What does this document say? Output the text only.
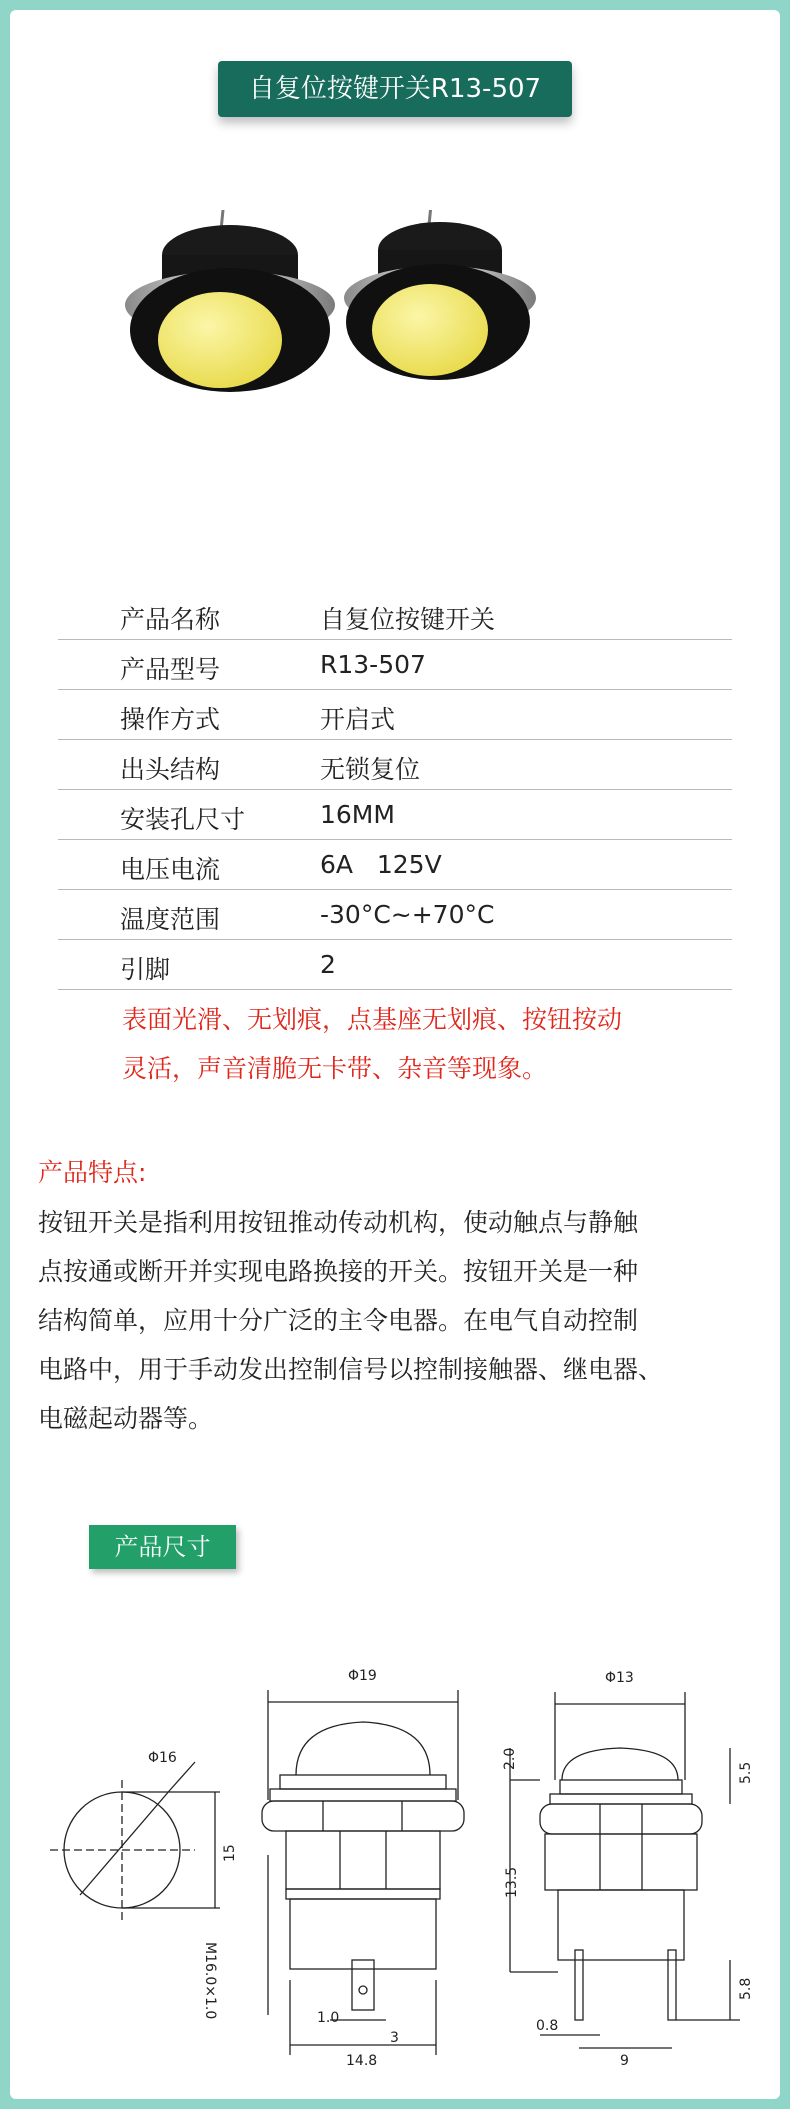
自复位按键开关R13-507
产品名称	自复位按键开关
产品型号	R13-507
操作方式	开启式
出头结构	无锁复位
安装孔尺寸	16MM
电压电流	6A   125V
温度范围	-30°C~+70°C
引脚	2
表面光滑、无划痕，点基座无划痕、按钮按动
灵活，声音清脆无卡带、杂音等现象。
产品特点:
按钮开关是指利用按钮推动传动机构，使动触点与静触
点按通或断开并实现电路换接的开关。按钮开关是一种
结构简单，应用十分广泛的主令电器。在电气自动控制
电路中，用于手动发出控制信号以控制接触器、继电器、
电磁起动器等。
产品尺寸
Φ16
15
Φ19
M16.0×1.0	1.0
3
14.8
Φ13
2.0
13.5
5.5
5.8
0.8
9
